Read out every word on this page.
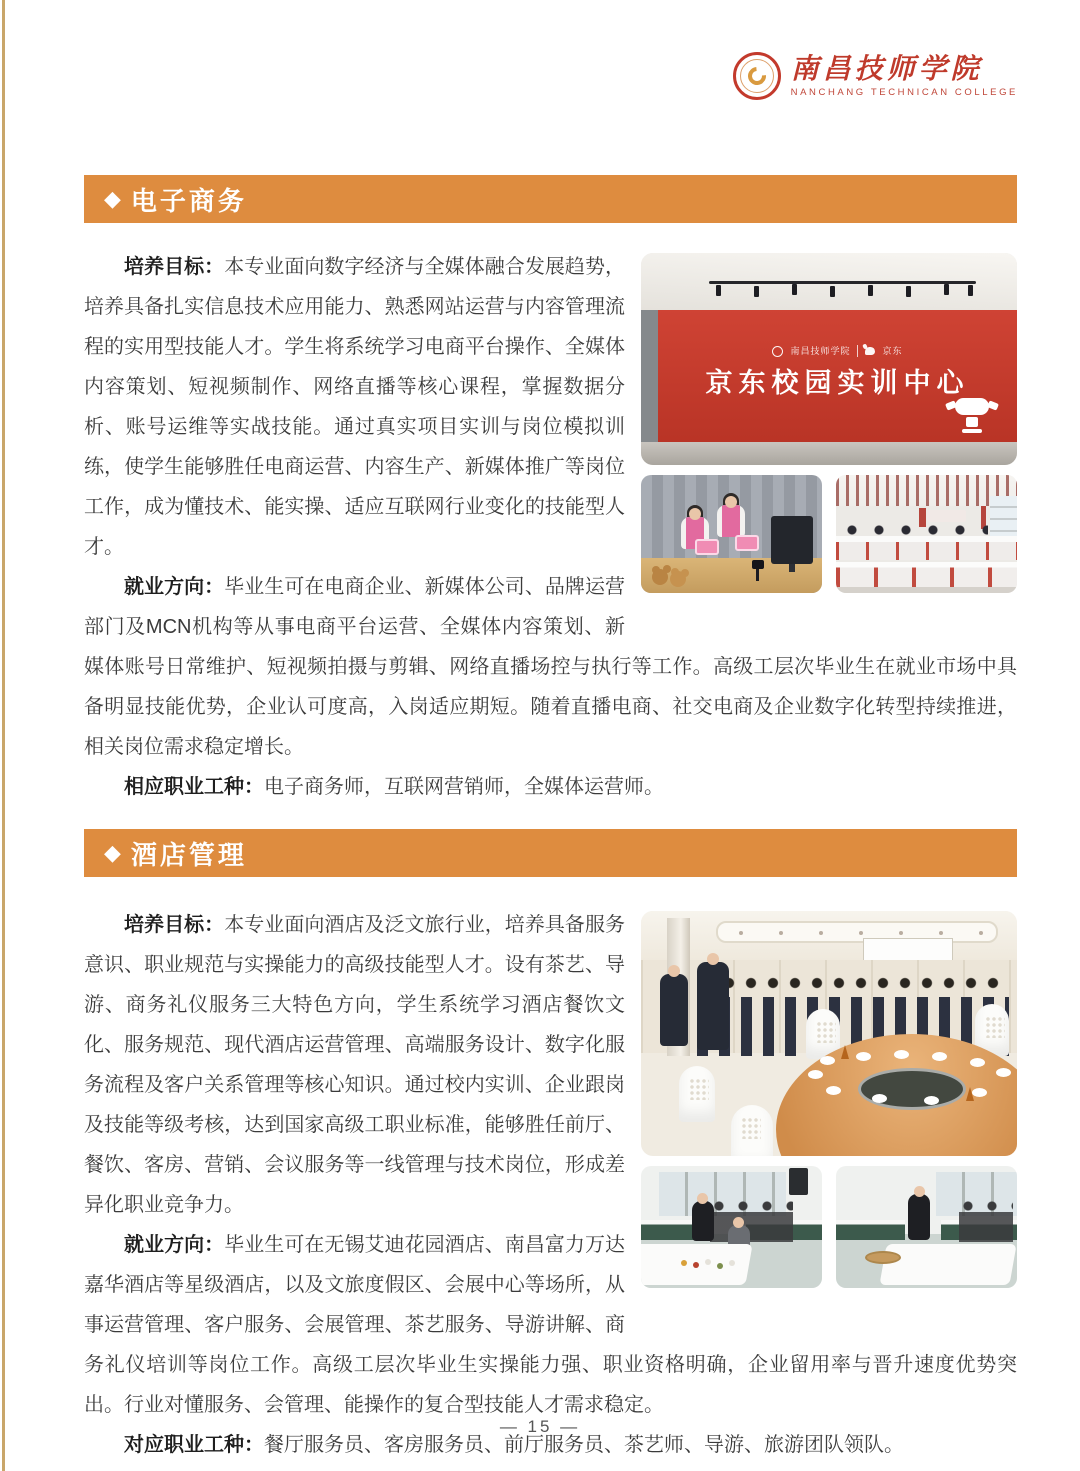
南昌技师学院
NANCHANG TECHNICAN COLLEGE
◆ 电子商务
南昌技师学院	京东
京东校园实训中心

培养目标：本专业面向数字经济与全媒体融合发展趋势，培养具备扎实信息技术应用能力、熟悉网站运营与内容管理流程的实用型技能人才。学生将系统学习电商平台操作、全媒体内容策划、短视频制作、网络直播等核心课程，掌握数据分析、账号运维等实战技能。通过真实项目实训与岗位模拟训练，使学生能够胜任电商运营、内容生产、新媒体推广等岗位工作，成为懂技术、能实操、适应互联网行业变化的技能型人才。

就业方向：毕业生可在电商企业、新媒体公司、品牌运营部门及MCN机构等从事电商平台运营、全媒体内容策划、新媒体账号日常维护、短视频拍摄与剪辑、网络直播场控与执行等工作。高级工层次毕业生在就业市场中具备明显技能优势，企业认可度高，入岗适应期短。随着直播电商、社交电商及企业数字化转型持续推进，相关岗位需求稳定增长。

相应职业工种：电子商务师，互联网营销师，全媒体运营师。

◆ 酒店管理

培养目标：本专业面向酒店及泛文旅行业，培养具备服务意识、职业规范与实操能力的高级技能型人才。设有茶艺、导游、商务礼仪服务三大特色方向，学生系统学习酒店餐饮文化、服务规范、现代酒店运营管理、高端服务设计、数字化服务流程及客户关系管理等核心知识。通过校内实训、企业跟岗及技能等级考核，达到国家高级工职业标准，能够胜任前厅、餐饮、客房、营销、会议服务等一线管理与技术岗位，形成差异化职业竞争力。

就业方向：毕业生可在无锡艾迪花园酒店、南昌富力万达嘉华酒店等星级酒店，以及文旅度假区、会展中心等场所，从事运营管理、客户服务、会展管理、茶艺服务、导游讲解、商务礼仪培训等岗位工作。高级工层次毕业生实操能力强、职业资格明确，企业留用率与晋升速度优势突出。行业对懂服务、会管理、能操作的复合型技能人才需求稳定。

对应职业工种：餐厅服务员、客房服务员、前厅服务员、茶艺师、导游、旅游团队领队。

— 15 —
